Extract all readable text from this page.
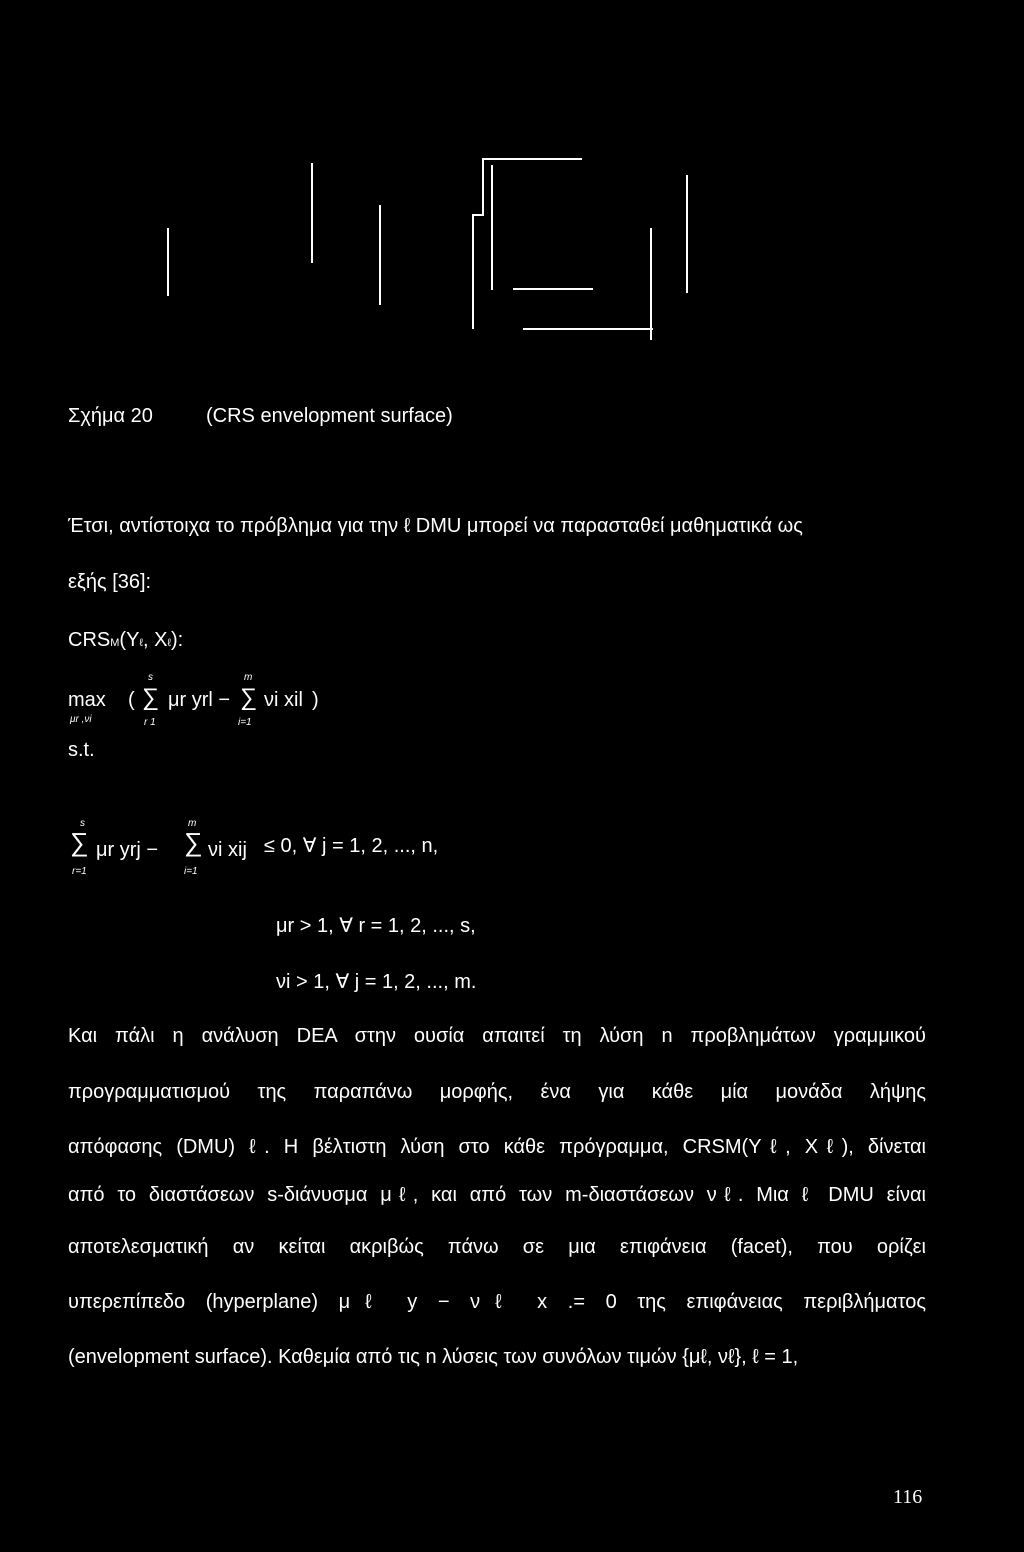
Σχήμα 20	(CRS envelopment surface)
Έτσι, αντίστοιχα το πρόβλημα για την ℓ DMU μπορεί να παρασταθεί μαθηματικά ως
εξής [36]:
CRSM(Yℓ, Xℓ):
max
μr ,νi
(
s
∑
r 1
μr yrl −
m
∑
i=1
νi xil )
s.t.
s
∑
r=1
μr yrj −
m
∑
i=1
νi xij ≤ 0, ∀ j = 1, 2, ..., n,
μr > 1, ∀ r = 1, 2, ..., s,
νi > 1, ∀ j = 1, 2, ..., m.
Και πάλι η ανάλυση DEA στην ουσία απαιτεί τη λύση n προβλημάτων γραμμικού
προγραμματισμού της παραπάνω μορφής, ένα για κάθε μία μονάδα λήψης
απόφασης (DMU) ℓ. Η βέλτιστη λύση στο κάθε πρόγραμμα, CRSM(Yℓ, Xℓ), δίνεται
από το διαστάσεων s-διάνυσμα μℓ, και από των m-διαστάσεων νℓ. Μια ℓ DMU είναι
αποτελεσματική αν κείται ακριβώς πάνω σε μια επιφάνεια (facet), που ορίζει
υπερεπίπεδο (hyperplane) μℓ y − νℓ x .= 0 της επιφάνειας περιβλήματος
(envelopment surface). Καθεμία από τις n λύσεις των συνόλων τιμών {μℓ, νℓ}, ℓ = 1,
116
